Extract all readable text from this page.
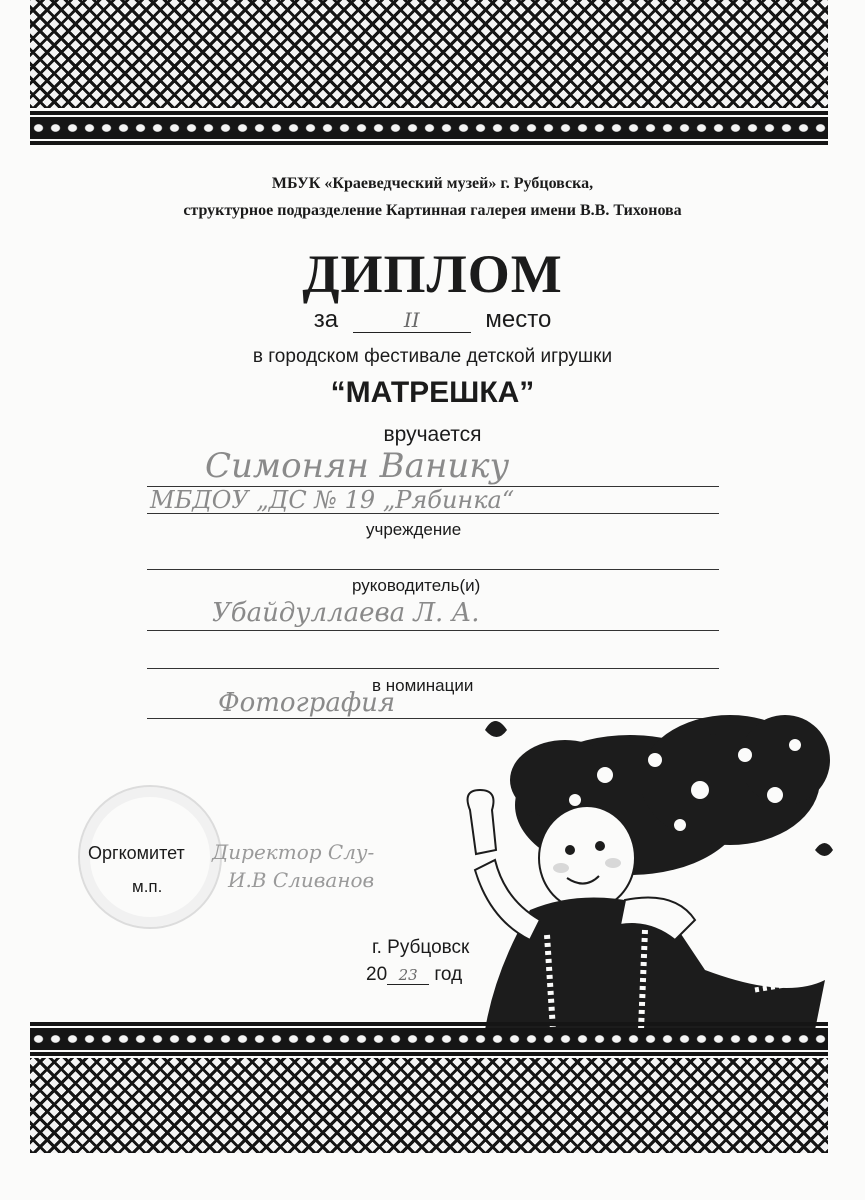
МБУК «Краеведческий музей» г. Рубцовска,
структурное подразделение Картинная галерея имени В.В. Тихонова
ДИПЛОМ
за	II	место
в городском фестивале детской игрушки
“МАТРЕШКА”
вручается
Симонян Ванику
МБДОУ „ДС № 19 „Рябинка“
учреждение
руководитель(и)
Убайдуллаева Л. А.
в номинации
Фотография
Оргкомитет
м.п.
Директор Слу-
И.В Сливанов
г. Рубцовск
20 23 год
